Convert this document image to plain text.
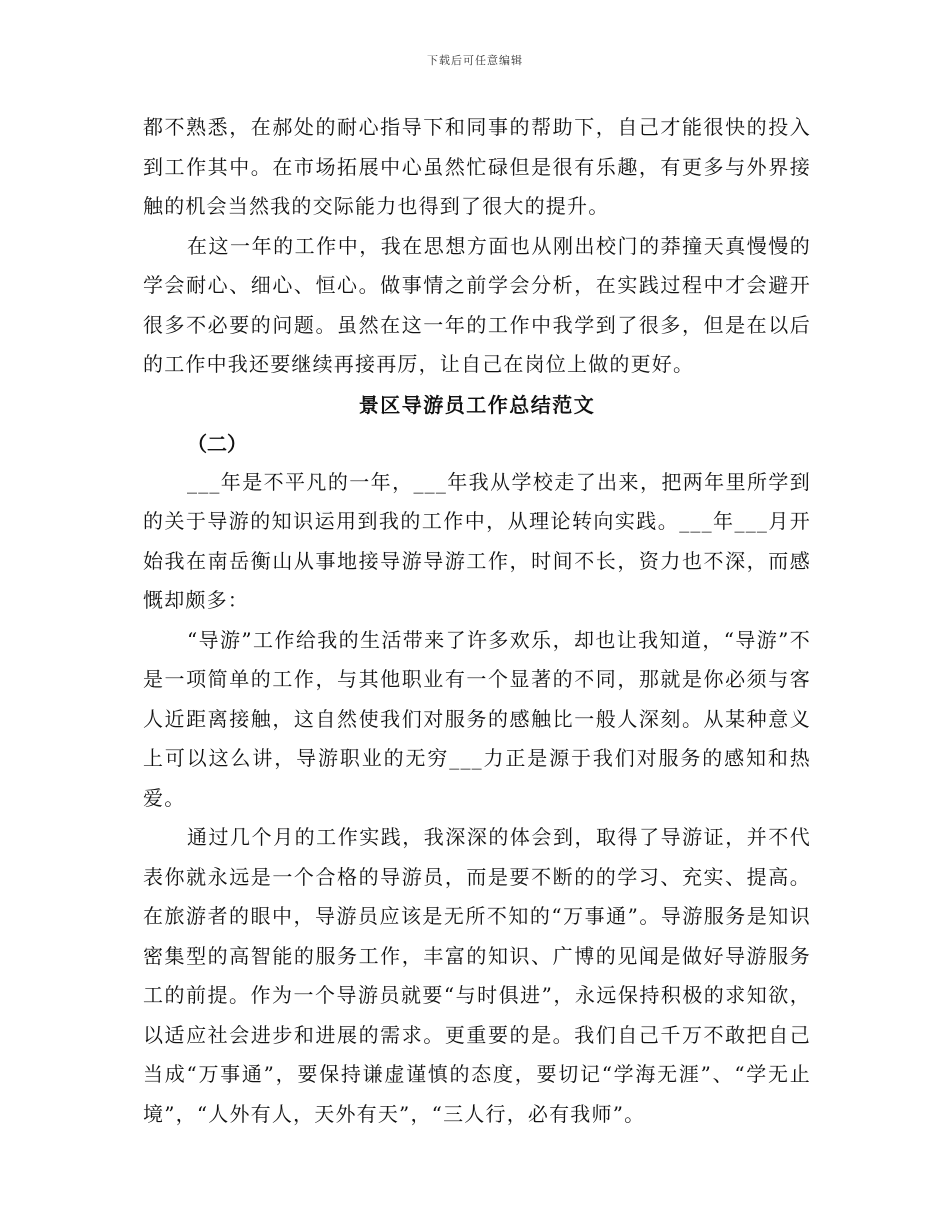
下载后可任意编辑

都不熟悉，在郝处的耐心指导下和同事的帮助下，自己才能很快的投入到工作其中。在市场拓展中心虽然忙碌但是很有乐趣，有更多与外界接触的机会当然我的交际能力也得到了很大的提升。

在这一年的工作中，我在思想方面也从刚出校门的莽撞天真慢慢的学会耐心、细心、恒心。做事情之前学会分析，在实践过程中才会避开很多不必要的问题。虽然在这一年的工作中我学到了很多，但是在以后的工作中我还要继续再接再厉，让自己在岗位上做的更好。

景区导游员工作总结范文
（二）

___年是不平凡的一年，___年我从学校走了出来，把两年里所学到的关于导游的知识运用到我的工作中，从理论转向实践。___年___月开始我在南岳衡山从事地接导游导游工作，时间不长，资力也不深，而感慨却颇多：

“导游”工作给我的生活带来了许多欢乐，却也让我知道，“导游”不是一项简单的工作，与其他职业有一个显著的不同，那就是你必须与客人近距离接触，这自然使我们对服务的感触比一般人深刻。从某种意义上可以这么讲，导游职业的无穷___力正是源于我们对服务的感知和热爱。

通过几个月的工作实践，我深深的体会到，取得了导游证，并不代表你就永远是一个合格的导游员，而是要不断的的学习、充实、提高。在旅游者的眼中，导游员应该是无所不知的“万事通”。导游服务是知识密集型的高智能的服务工作，丰富的知识、广博的见闻是做好导游服务工的前提。作为一个导游员就要“与时俱进”，永远保持积极的求知欲，以适应社会进步和进展的需求。更重要的是。我们自己千万不敢把自己当成“万事通”，要保持谦虚谨慎的态度，要切记“学海无涯”、“学无止境”，“人外有人，天外有天”，“三人行，必有我师”。
